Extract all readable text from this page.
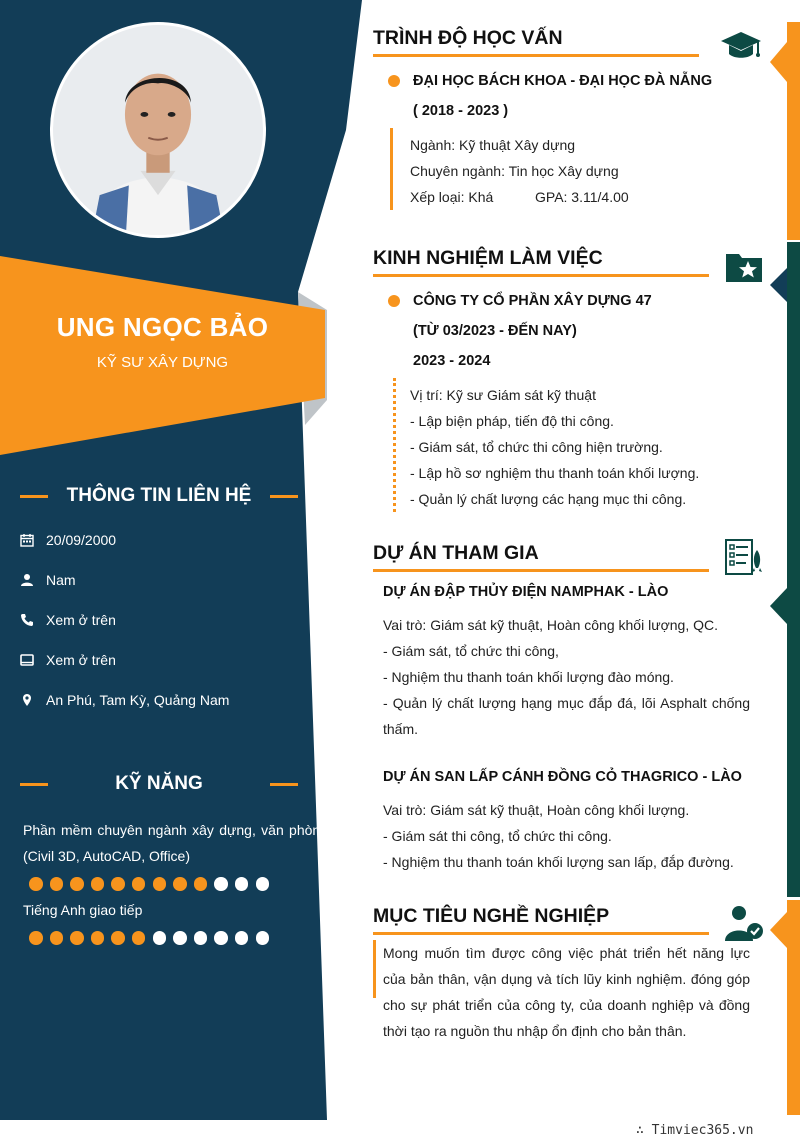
UNG NGỌC BẢO
KỸ SƯ XÂY DỰNG
THÔNG TIN LIÊN HỆ
20/09/2000
Nam
Xem ở trên
Xem ở trên
An Phú, Tam Kỳ, Quảng Nam
KỸ NĂNG
Phần mềm chuyên ngành xây dựng, văn phòng (Civil 3D, AutoCAD, Office)
Tiếng Anh giao tiếp
TRÌNH ĐỘ HỌC VẤN
ĐẠI HỌC BÁCH KHOA - ĐẠI HỌC ĐÀ NẴNG
( 2018 - 2023 )
Ngành: Kỹ thuật Xây dựng
Chuyên ngành: Tin học Xây dựng
Xếp loại: Khá	GPA: 3.11/4.00
KINH NGHIỆM LÀM VIỆC
CÔNG TY CỔ PHẦN XÂY DỰNG 47
(TỪ 03/2023 - ĐẾN NAY)
2023 - 2024
Vị trí: Kỹ sư Giám sát kỹ thuật
- Lập biện pháp, tiến độ thi công.
- Giám sát, tổ chức thi công hiện trường.
- Lập hồ sơ nghiệm thu thanh toán khối lượng.
- Quản lý chất lượng các hạng mục thi công.
DỰ ÁN THAM GIA
DỰ ÁN ĐẬP THỦY ĐIỆN NAMPHAK - LÀO
Vai trò: Giám sát kỹ thuật, Hoàn công khối lượng, QC.
- Giám sát, tổ chức thi công,
- Nghiệm thu thanh toán khối lượng đào móng.
- Quản lý chất lượng hạng mục đắp đá, lõi Asphalt chống thấm.
DỰ ÁN SAN LẤP CÁNH ĐỒNG CỎ THAGRICO - LÀO
Vai trò: Giám sát kỹ thuật, Hoàn công khối lượng.
- Giám sát thi công, tổ chức thi công.
- Nghiệm thu thanh toán khối lượng san lấp, đắp đường.
MỤC TIÊU NGHỀ NGHIỆP
Mong muốn tìm được công việc phát triển hết năng lực của bản thân, vận dụng và tích lũy kinh nghiệm. đóng góp cho sự phát triển của công ty, của doanh nghiệp và đồng thời tạo ra nguồn thu nhập ổn định cho bản thân.
∴ Timviec365.vn
